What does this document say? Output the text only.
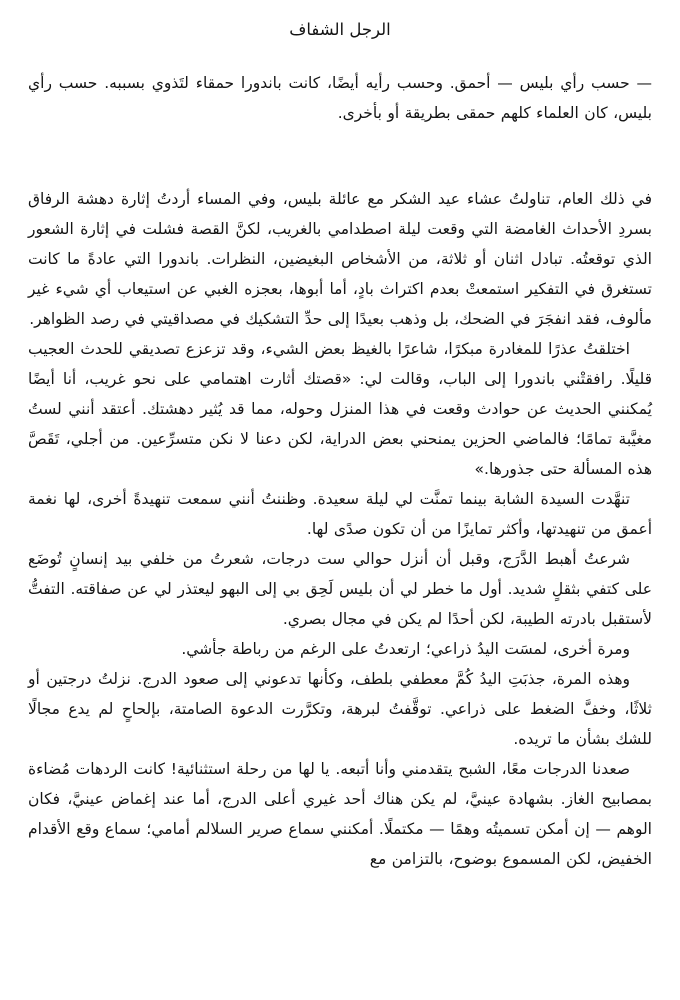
الرجل الشفاف

— حسب رأي بليس — أحمق. وحسب رأيه أيضًا، كانت باندورا حمقاء لتَذوي بسببه. حسب رأي بليس، كان العلماء كلهم حمقى بطريقة أو بأخرى.

في ذلك العام، تناولتُ عشاء عيد الشكر مع عائلة بليس، وفي المساء أردتُ إثارة دهشة الرفاق بسردِ الأحداث الغامضة التي وقعت ليلة اصطدامي بالغريب، لكنَّ القصة فشلت في إثارة الشعور الذي توقعتُه. تبادل اثنان أو ثلاثة، من الأشخاص البغيضين، النظرات. باندورا التي عادةً ما كانت تستغرق في التفكير استمعتْ بعدم اكتراث بادٍ، أما أبوها، بعجزه الغبي عن استيعاب أي شيء غير مألوف، فقد انفجَرَ في الضحك، بل وذهب بعيدًا إلى حدِّ التشكيك في مصداقيتي في رصد الظواهر.

اختلقتُ عذرًا للمغادرة مبكرًا، شاعرًا بالغيظ بعض الشيء، وقد تزعزع تصديقي للحدث العجيب قليلًا. رافقتْني باندورا إلى الباب، وقالت لي: «قصتك أثارت اهتمامي على نحو غريب، أنا أيضًا يُمكنني الحديث عن حوادث وقعت في هذا المنزل وحوله، مما قد يُثير دهشتك. أعتقد أنني لستُ مغيَّبة تمامًا؛ فالماضي الحزين يمنحني بعض الدراية، لكن دعنا لا نكن متسرِّعين. من أجلي، تَقَصَّ هذه المسألة حتى جذورها.»

تنهَّدت السيدة الشابة بينما تمنَّت لي ليلة سعيدة. وظننتُ أنني سمعت تنهيدةً أخرى، لها نغمة أعمق من تنهيدتها، وأكثر تمايزًا من أن تكون صدًى لها.

شرعتُ أهبط الدَّرَج، وقبل أن أنزل حوالي ست درجات، شعرتُ من خلفي بيد إنسانٍ تُوضَع على كتفي بثقلٍ شديد. أول ما خطر لي أن بليس لَحِق بي إلى البهو ليعتذر لي عن صفاقته. التفتُّ لأستقبل بادرته الطيبة، لكن أحدًا لم يكن في مجال بصري.

ومرة أخرى، لمسَت اليدُ ذراعي؛ ارتعدتُ على الرغم من رباطة جأشي.

وهذه المرة، جذبَتِ اليدُ كُمَّ معطفي بلطف، وكأنها تدعوني إلى صعود الدرج. نزلتُ درجتين أو ثلاثًا، وخفَّ الضغط على ذراعي. توقَّفتُ لبرهة، وتكرَّرت الدعوة الصامتة، بإلحاحٍ لم يدع مجالًا للشك بشأن ما تريده.

صعدنا الدرجات معًا، الشبح يتقدمني وأنا أتبعه. يا لها من رحلة استثنائية! كانت الردهات مُضاءة بمصابيح الغاز. بشهادة عينيَّ، لم يكن هناك أحد غيري أعلى الدرج، أما عند إغماض عينيَّ، فكان الوهم — إن أمكن تسميتُه وهمًا — مكتملًا. أمكنني سماع صرير السلالم أمامي؛ سماع وقع الأقدام الخفيض، لكن المسموع بوضوح، بالتزامن مع
